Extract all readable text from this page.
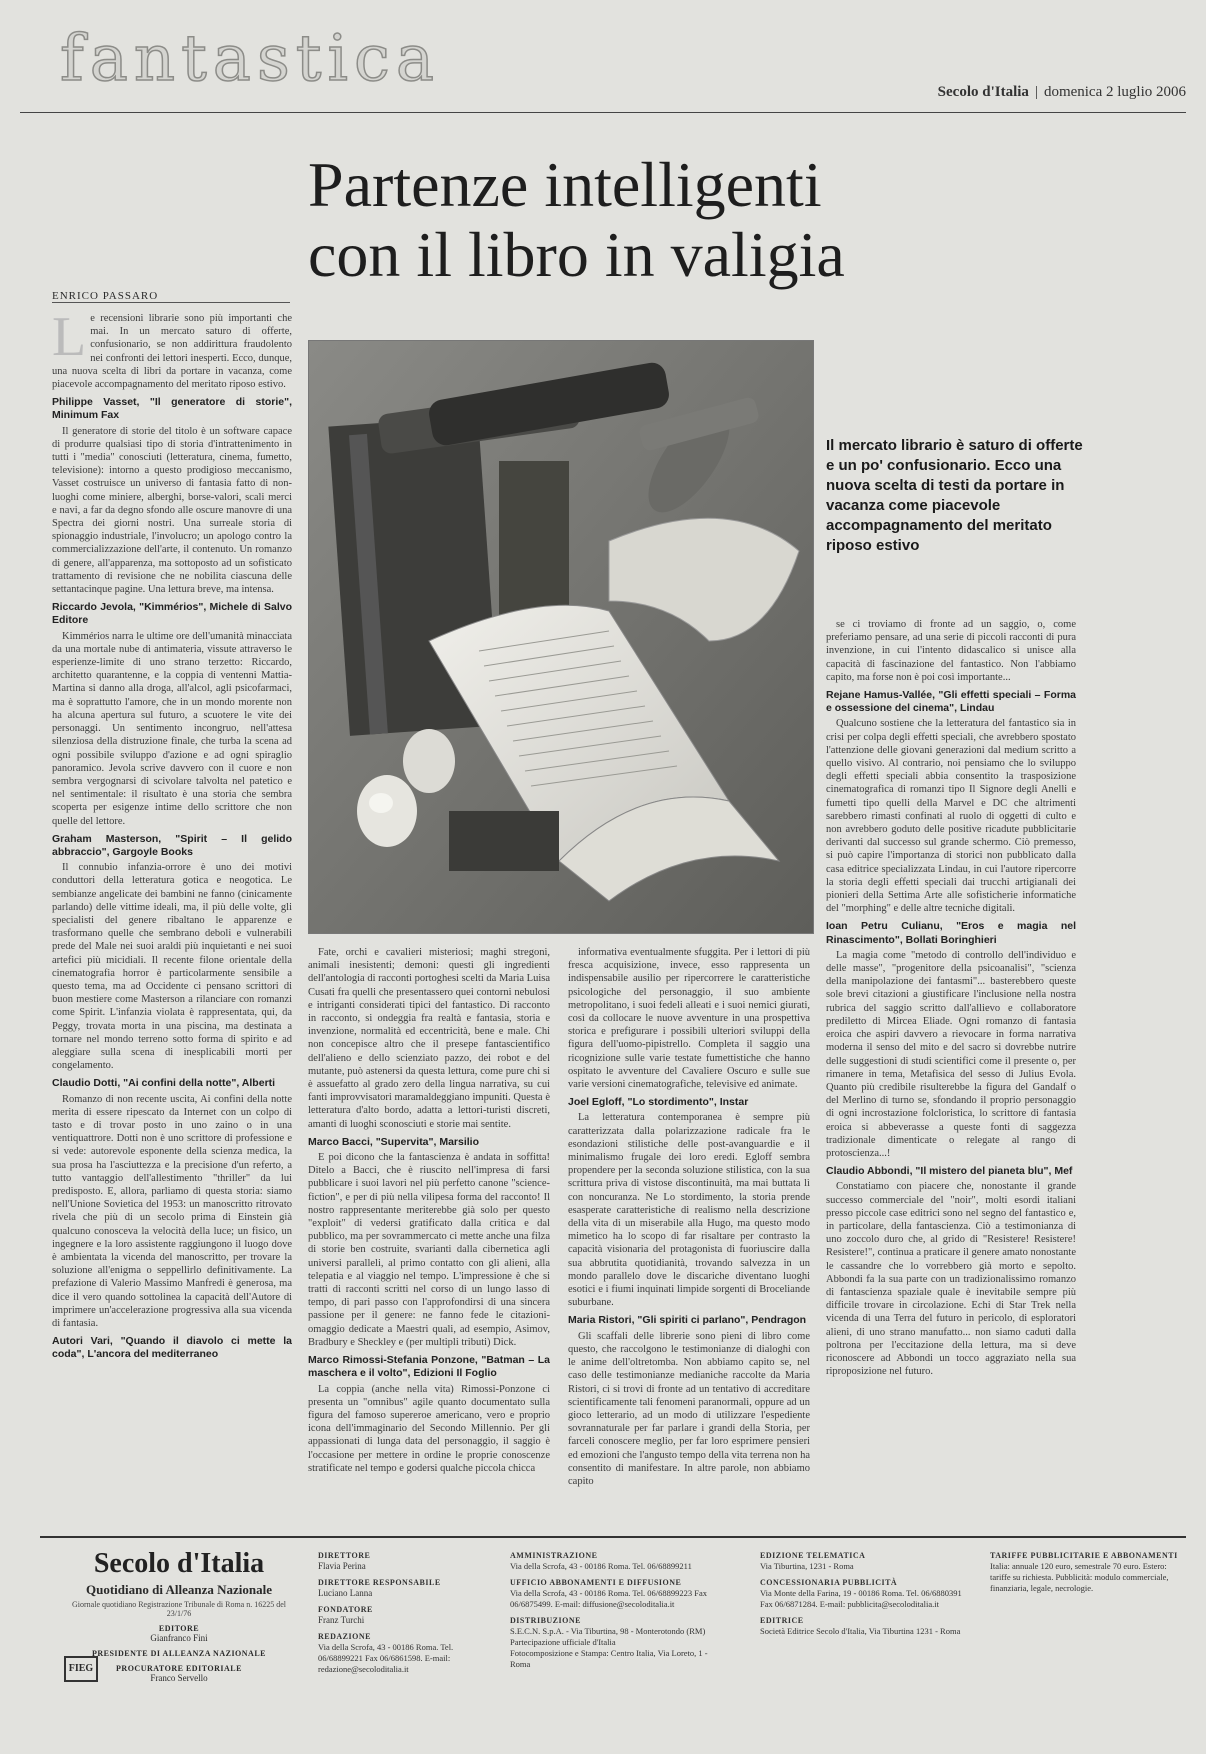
fantastica	Secolo d'Italia | domenica 2 luglio 2006
Partenze intelligenti
con il libro in valigia
ENRICO PASSARO
L e recensioni librarie sono più importanti che mai. In un mercato saturo di offerte, confusionario, se non addirittura fraudolento nei confronti dei lettori inesperti. Ecco, dunque, una nuova scelta di libri da portare in vacanza, come piacevole accompagnamento del meritato riposo estivo.

Philippe Vasset, "Il generatore di storie", Minimum Fax

Il generatore di storie del titolo è un software capace di produrre qualsiasi tipo di storia d'intrattenimento in tutti i "media" conosciuti (letteratura, cinema, fumetto, televisione): intorno a questo prodigioso meccanismo, Vasset costruisce un universo di fantasia fatto di non-luoghi come miniere, alberghi, borse-valori, scali merci e navi, a far da degno sfondo alle oscure manovre di una Spectra dei giorni nostri. Una surreale storia di spionaggio industriale, l'involucro; un apologo contro la commercializzazione dell'arte, il contenuto. Un romanzo di genere, all'apparenza, ma sottoposto ad un sofisticato trattamento di revisione che ne nobilita ciascuna delle settantacinque pagine. Una lettura breve, ma intensa.

Riccardo Jevola, "Kimmérios", Michele di Salvo Editore

Kimmérios narra le ultime ore dell'umanità minacciata da una mortale nube di antimateria, vissute attraverso le esperienze-limite di uno strano terzetto: Riccardo, architetto quarantenne, e la coppia di ventenni Mattia-Martina si danno alla droga, all'alcol, agli psicofarmaci, ma è soprattutto l'amore, che in un mondo morente non ha alcuna apertura sul futuro, a scuotere le vite dei personaggi. Un sentimento incongruo, nell'attesa silenziosa della distruzione finale, che turba la scena ad ogni possibile sviluppo d'azione e ad ogni spiraglio panoramico. Jevola scrive davvero con il cuore e non sembra vergognarsi di scivolare talvolta nel patetico e nel sentimentale: il risultato è una storia che sembra scoperta per esigenze intime dello scrittore che non quelle del lettore.

Graham Masterson, "Spirit – Il gelido abbraccio", Gargoyle Books

Il connubio infanzia-orrore è uno dei motivi conduttori della letteratura gotica e neogotica. Le sembianze angelicate dei bambini ne fanno (cinicamente parlando) delle vittime ideali, ma, il più delle volte, gli specialisti del genere ribaltano le apparenze e trasformano quelle che sembrano deboli e vulnerabili prede del Male nei suoi araldi più inquietanti e nei suoi artefici più micidiali. Il recente filone orientale della cinematografia horror è particolarmente sensibile a questo tema, ma ad Occidente ci pensano scrittori di buon mestiere come Masterson a rilanciare con romanzi come Spirit. L'infanzia violata è rappresentata, qui, da Peggy, trovata morta in una piscina, ma destinata a tornare nel mondo terreno sotto forma di spirito e ad aleggiare sulla scena di inesplicabili morti per congelamento.

Claudio Dotti, "Ai confini della notte", Alberti

Romanzo di non recente uscita, Ai confini della notte merita di essere ripescato da Internet con un colpo di tasto e di trovar posto in uno zaino o in una ventiquattrore. Dotti non è uno scrittore di professione e si vede: autorevole esponente della scienza medica, la sua prosa ha l'asciuttezza e la precisione d'un referto, a tutto vantaggio dell'allestimento "thriller" da lui predisposto. E, allora, parliamo di questa storia: siamo nell'Unione Sovietica del 1953: un manoscritto ritrovato rivela che più di un secolo prima di Einstein già qualcuno conosceva la velocità della luce; un fisico, un ingegnere e la loro assistente raggiungono il luogo dove è ambientata la vicenda del manoscritto, per trovare la soluzione all'enigma o seppellirlo definitivamente. La prefazione di Valerio Massimo Manfredi è generosa, ma dice il vero quando sottolinea la capacità dell'Autore di imprimere un'accelerazione progressiva alla sua vicenda di fantasia.

Autori Vari, "Quando il diavolo ci mette la coda", L'ancora del mediterraneo

Il mercato librario è saturo di offerte e un po' confusionario. Ecco una nuova scelta di testi da portare in vacanza come piacevole accompagnamento del meritato riposo estivo

Fate, orchi e cavalieri misteriosi; maghi stregoni, animali inesistenti; demoni: questi gli ingredienti dell'antologia di racconti portoghesi scelti da Maria Luisa Cusati fra quelli che presentassero quei contorni nebulosi e intriganti considerati tipici del fantastico. Di racconto in racconto, si ondeggia fra realtà e fantasia, storia e invenzione, normalità ed eccentricità, bene e male. Chi non concepisce altro che il presepe fantascientifico dell'alieno e dello scienziato pazzo, dei robot e del mutante, può astenersi da questa lettura, come pure chi si è assuefatto al grado zero della lingua narrativa, su cui fanti improvvisatori maramaldeggiano impuniti. Questa è letteratura d'alto bordo, adatta a lettori-turisti discreti, amanti di luoghi sconosciuti e storie mai sentite.

Marco Bacci, "Supervita", Marsilio

E poi dicono che la fantascienza è andata in soffitta! Ditelo a Bacci, che è riuscito nell'impresa di farsi pubblicare i suoi lavori nel più perfetto canone "science-fiction", e per di più nella vilipesa forma del racconto! Il nostro rappresentante meriterebbe già solo per questo "exploit" di vedersi gratificato dalla critica e dal pubblico, ma per sovrammercato ci mette anche una filza di storie ben costruite, svarianti dalla cibernetica agli universi paralleli, al primo contatto con gli alieni, alla telepatia e al viaggio nel tempo. L'impressione è che si tratti di racconti scritti nel corso di un lungo lasso di tempo, di pari passo con l'approfondirsi di una sincera passione per il genere: ne fanno fede le citazioni-omaggio dedicate a Maestri quali, ad esempio, Asimov, Bradbury e Sheckley e (per multipli tributi) Dick.

Marco Rimossi-Stefania Ponzone, "Batman – La maschera e il volto", Edizioni Il Foglio

La coppia (anche nella vita) Rimossi-Ponzone ci presenta un "omnibus" agile quanto documentato sulla figura del famoso supereroe americano, vero e proprio icona dell'immaginario del Secondo Millennio. Per gli appassionati di lunga data del personaggio, il saggio è l'occasione per mettere in ordine le proprie conoscenze stratificate nel tempo e godersi qualche piccola chicca

informativa eventualmente sfuggita. Per i lettori di più fresca acquisizione, invece, esso rappresenta un indispensabile ausilio per ripercorrere le caratteristiche psicologiche del personaggio, il suo ambiente metropolitano, i suoi fedeli alleati e i suoi nemici giurati, così da collocare le nuove avventure in una prospettiva storica e prefigurare i possibili ulteriori sviluppi della figura dell'uomo-pipistrello. Completa il saggio una ricognizione sulle varie testate fumettistiche che hanno ospitato le avventure del Cavaliere Oscuro e sulle sue varie versioni cinematografiche, televisive ed animate.

Joel Egloff, "Lo stordimento", Instar

La letteratura contemporanea è sempre più caratterizzata dalla polarizzazione radicale fra le esondazioni stilistiche delle post-avanguardie e il minimalismo frugale dei loro eredi. Egloff sembra propendere per la seconda soluzione stilistica, con la sua scrittura priva di vistose discontinuità, ma mai buttata lì con noncuranza. Ne Lo stordimento, la storia prende esasperate caratteristiche di realismo nella descrizione della vita di un miserabile alla Hugo, ma questo modo mimetico ha lo scopo di far risaltare per contrasto la capacità visionaria del protagonista di fuoriuscire dalla sua abbrutita quotidianità, trovando salvezza in un mondo parallelo dove le discariche diventano luoghi esotici e i fiumi inquinati limpide sorgenti di Broceliande suburbane.

Maria Ristori, "Gli spiriti ci parlano", Pendragon

Gli scaffali delle librerie sono pieni di libro come questo, che raccolgono le testimonianze di dialoghi con le anime dell'oltretomba. Non abbiamo capito se, nel caso delle testimonianze medianiche raccolte da Maria Ristori, ci si trovi di fronte ad un tentativo di accreditare scientificamente tali fenomeni paranormali, oppure ad un gioco letterario, ad un modo di utilizzare l'espediente sovrannaturale per far parlare i grandi della Storia, per farceli conoscere meglio, per far loro esprimere pensieri ed emozioni che l'angusto tempo della vita terrena non ha consentito di manifestare. In altre parole, non abbiamo capito

se ci troviamo di fronte ad un saggio, o, come preferiamo pensare, ad una serie di piccoli racconti di pura invenzione, in cui l'intento didascalico si unisce alla capacità di fascinazione del fantastico. Non l'abbiamo capito, ma forse non è poi così importante...

Rejane Hamus-Vallée, "Gli effetti speciali – Forma e ossessione del cinema", Lindau

Qualcuno sostiene che la letteratura del fantastico sia in crisi per colpa degli effetti speciali, che avrebbero spostato l'attenzione delle giovani generazioni dal medium scritto a quello visivo. Al contrario, noi pensiamo che lo sviluppo degli effetti speciali abbia consentito la trasposizione cinematografica di romanzi tipo Il Signore degli Anelli e fumetti tipo quelli della Marvel e DC che altrimenti sarebbero rimasti confinati al ruolo di oggetti di culto e non avrebbero goduto delle positive ricadute pubblicitarie derivanti dal successo sul grande schermo. Ciò premesso, si può capire l'importanza di storici non pubblicato dalla casa editrice specializzata Lindau, in cui l'autore ripercorre la storia degli effetti speciali dai trucchi artigianali dei pionieri della Settima Arte alle sofisticherie informatiche del "morphing" e delle altre tecniche digitali.

Ioan Petru Culianu, "Eros e magia nel Rinascimento", Bollati Boringhieri

La magia come "metodo di controllo dell'individuo e delle masse", "progenitore della psicoanalisi", "scienza della manipolazione dei fantasmi"... basterebbero queste sole brevi citazioni a giustificare l'inclusione nella nostra rubrica del saggio scritto dall'allievo e collaboratore prediletto di Mircea Eliade. Ogni romanzo di fantasia eroica che aspiri davvero a rievocare in forma narrativa moderna il senso del mito e del sacro si dovrebbe nutrire delle suggestioni di studi scientifici come il presente o, per rimanere in tema, Metafisica del sesso di Julius Evola. Quanto più credibile risulterebbe la figura del Gandalf o del Merlino di turno se, sfondando il proprio personaggio di ogni incrostazione folcloristica, lo scrittore di fantasia eroica si abbeverasse a queste fonti di saggezza tradizionale dimenticate o relegate al rango di protoscienza...!

Claudio Abbondi, "Il mistero del pianeta blu", Mef

Constatiamo con piacere che, nonostante il grande successo commerciale del "noir", molti esordi italiani presso piccole case editrici sono nel segno del fantastico e, in particolare, della fantascienza. Ciò a testimonianza di uno zoccolo duro che, al grido di "Resistere! Resistere! Resistere!", continua a praticare il genere amato nonostante le cassandre che lo vorrebbero già morto e sepolto. Abbondi fa la sua parte con un tradizionalissimo romanzo di fantascienza spaziale quale è inevitabile sempre più difficile trovare in circolazione. Echi di Star Trek nella vicenda di una Terra del futuro in pericolo, di esploratori alieni, di uno strano manufatto... non siamo caduti dalla poltrona per l'eccitazione della lettura, ma si deve riconoscere ad Abbondi un tocco aggraziato nella sua riproposizione nel futuro.

Secolo d'Italia
Quotidiano di Alleanza Nazionale
Giornale quotidiano Registrazione Tribunale di Roma n. 16225 del 23/1/76
EDITORE
Gianfranco Fini
PRESIDENTE DI ALLEANZA NAZIONALE
PROCURATORE EDITORIALE
Franco Servello
FIEG
DIRETTORE
Flavia Perina
DIRETTORE RESPONSABILE
Luciano Lanna
FONDATORE
Franz Turchi
REDAZIONE
Via della Scrofa, 43 - 00186 Roma. Tel. 06/68899221 Fax 06/6861598. E-mail: redazione@secoloditalia.it
AMMINISTRAZIONE
Via della Scrofa, 43 - 00186 Roma. Tel. 06/68899211
UFFICIO ABBONAMENTI E DIFFUSIONE
Via della Scrofa, 43 - 00186 Roma. Tel. 06/68899223 Fax 06/6875499. E-mail: diffusione@secoloditalia.it
DISTRIBUZIONE
S.E.C.N. S.p.A. - Via Tiburtina, 98 - Monterotondo (RM)
Partecipazione ufficiale d'Italia
Fotocomposizione e Stampa: Centro Italia, Via Loreto, 1 - Roma
EDIZIONE TELEMATICA
Via Tiburtina, 1231 - Roma
CONCESSIONARIA PUBBLICITÀ
Via Monte della Farina, 19 - 00186 Roma. Tel. 06/6880391 Fax 06/6871284. E-mail: pubblicita@secoloditalia.it
EDITRICE
Società Editrice Secolo d'Italia, Via Tiburtina 1231 - Roma
TARIFFE PUBBLICITARIE E ABBONAMENTI
Italia: annuale 120 euro, semestrale 70 euro. Estero: tariffe su richiesta. Pubblicità: modulo commerciale, finanziaria, legale, necrologie.
